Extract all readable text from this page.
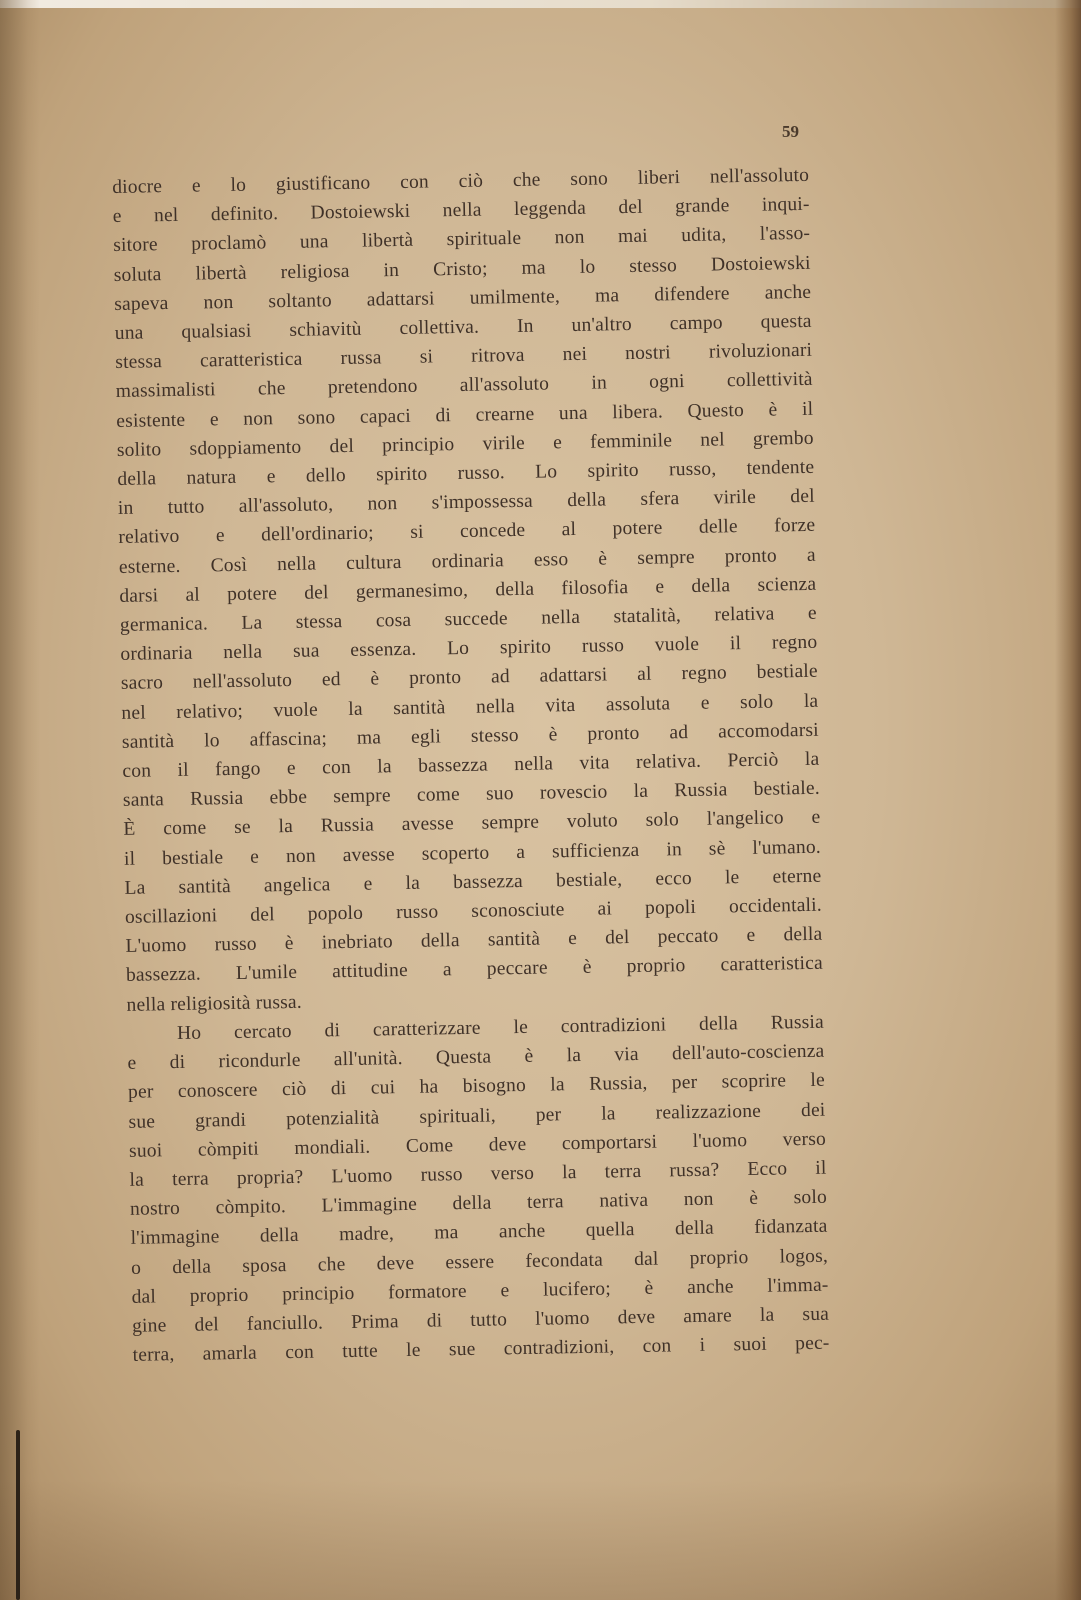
59
diocre e lo giustificano con ciò che sono liberi nell'assoluto
e nel definito. Dostoiewski nella leggenda del grande inqui-
sitore proclamò una libertà spirituale non mai udita, l'asso-
soluta libertà religiosa in Cristo; ma lo stesso Dostoiewski
sapeva non soltanto adattarsi umilmente, ma difendere anche
una qualsiasi schiavitù collettiva. In un'altro campo questa
stessa caratteristica russa si ritrova nei nostri rivoluzionari
massimalisti che pretendono all'assoluto in ogni collettività
esistente e non sono capaci di crearne una libera. Questo è il
solito sdoppiamento del principio virile e femminile nel grembo
della natura e dello spirito russo. Lo spirito russo, tendente
in tutto all'assoluto, non s'impossessa della sfera virile del
relativo e dell'ordinario; si concede al potere delle forze
esterne. Così nella cultura ordinaria esso è sempre pronto a
darsi al potere del germanesimo, della filosofia e della scienza
germanica. La stessa cosa succede nella statalità, relativa e
ordinaria nella sua essenza. Lo spirito russo vuole il regno
sacro nell'assoluto ed è pronto ad adattarsi al regno bestiale
nel relativo; vuole la santità nella vita assoluta e solo la
santità lo affascina; ma egli stesso è pronto ad accomodarsi
con il fango e con la bassezza nella vita relativa. Perciò la
santa Russia ebbe sempre come suo rovescio la Russia bestiale.
È come se la Russia avesse sempre voluto solo l'angelico e
il bestiale e non avesse scoperto a sufficienza in sè l'umano.
La santità angelica e la bassezza bestiale, ecco le eterne
oscillazioni del popolo russo sconosciute ai popoli occidentali.
L'uomo russo è inebriato della santità e del peccato e della
bassezza. L'umile attitudine a peccare è proprio caratteristica
nella religiosità russa.
Ho cercato di caratterizzare le contradizioni della Russia
e di ricondurle all'unità. Questa è la via dell'auto-coscienza
per conoscere ciò di cui ha bisogno la Russia, per scoprire le
sue grandi potenzialità spirituali, per la realizzazione dei
suoi còmpiti mondiali. Come deve comportarsi l'uomo verso
la terra propria? L'uomo russo verso la terra russa? Ecco il
nostro còmpito. L'immagine della terra nativa non è solo
l'immagine della madre, ma anche quella della fidanzata
o della sposa che deve essere fecondata dal proprio logos,
dal proprio principio formatore e lucifero; è anche l'imma-
gine del fanciullo. Prima di tutto l'uomo deve amare la sua
terra, amarla con tutte le sue contradizioni, con i suoi pec-
